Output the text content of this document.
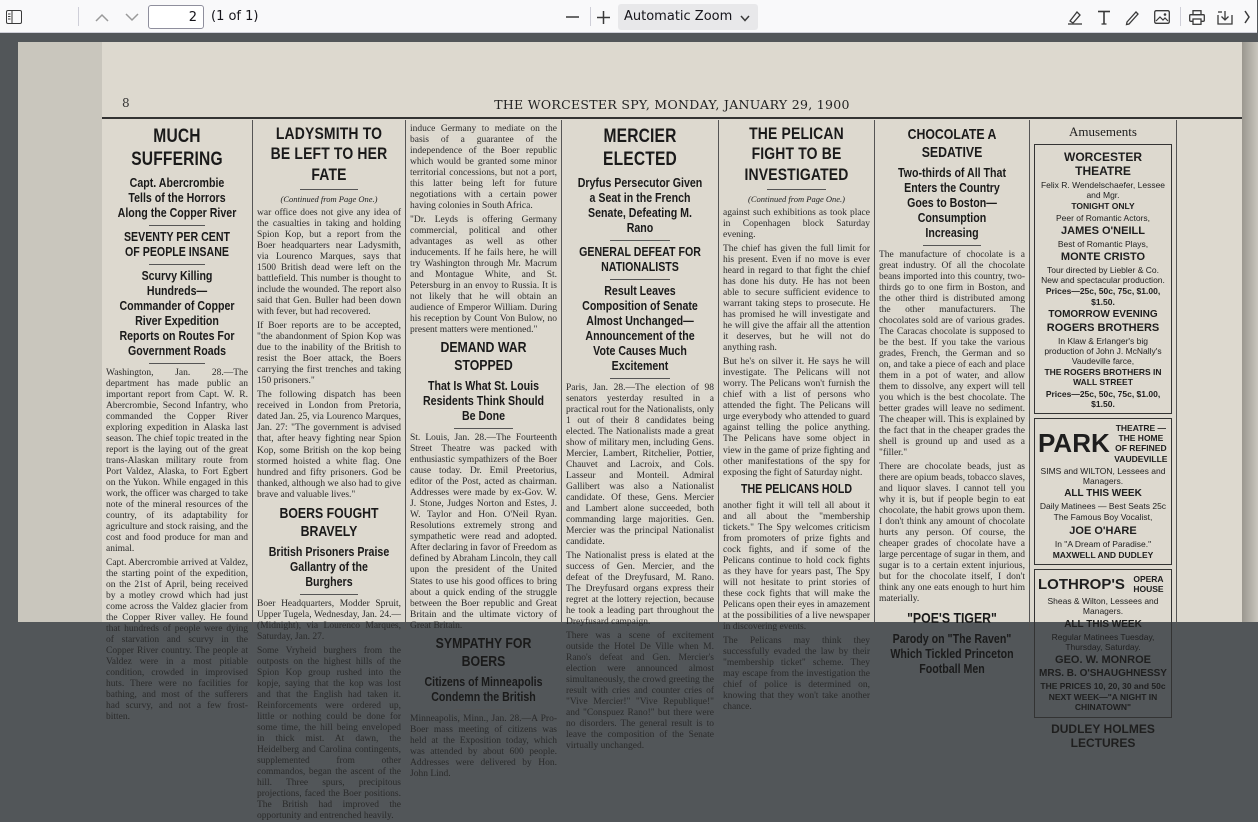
2
(1 of 1)	Automatic Zoom
8	THE WORCESTER SPY, MONDAY, JANUARY 29, 1900
MUCH SUFFERING
Capt. Abercrombie Tells of the Horrors Along the Copper River
SEVENTY PER CENT OF PEOPLE INSANE
Scurvy Killing Hundreds—Commander of Copper River Expedition Reports on Routes For Government Roads

Washington, Jan. 28.—The department has made public an important report from Capt. W. R. Abercrombie, Second Infantry, who commanded the Copper River exploring expedition in Alaska last season. The chief topic treated in the report is the laying out of the great trans-Alaskan military route from Port Valdez, Alaska, to Fort Egbert on the Yukon. While engaged in this work, the officer was charged to take note of the mineral resources of the country, of its adaptability for agriculture and stock raising, and the cost and food produce for man and animal.

Capt. Abercrombie arrived at Valdez, the starting point of the expedition, on the 21st of April, being received by a motley crowd which had just come across the Valdez glacier from the Copper River valley. He found that hundreds of people were dying of starvation and scurvy in the Copper River country. The people at Valdez were in a most pitiable condition, crowded in improvised huts. There were no facilities for bathing, and most of the sufferers had scurvy, and not a few frost-bitten.

LADYSMITH TO BE LEFT TO HER FATE
(Continued from Page One.)

war office does not give any idea of the casualties in taking and holding Spion Kop, but a report from the Boer headquarters near Ladysmith, via Lourenco Marques, says that 1500 British dead were left on the battlefield. This number is thought to include the wounded. The report also said that Gen. Buller had been down with fever, but had recovered.

If Boer reports are to be accepted, "the abandonment of Spion Kop was due to the inability of the British to resist the Boer attack, the Boers carrying the first trenches and taking 150 prisoners."

The following dispatch has been received in London from Pretoria, dated Jan. 25, via Lourenco Marques, Jan. 27: "The government is advised that, after heavy fighting near Spion Kop, some British on the kop being stormed hoisted a white flag. One hundred and fifty prisoners. God be thanked, although we also had to give brave and valuable lives."

BOERS FOUGHT BRAVELY
British Prisoners Praise Gallantry of the Burghers

Boer Headquarters, Modder Spruit, Upper Tugela, Wednesday, Jan. 24.—(Midnight), via Lourenco Marques, Saturday, Jan. 27.

Some Vryheid burghers from the outposts on the highest hills of the Spion Kop group rushed into the kopje, saying that the kop was lost and that the English had taken it. Reinforcements were ordered up, little or nothing could be done for some time, the hill being enveloped in thick mist. At dawn, the Heidelberg and Carolina contingents, supplemented from other commandos, began the ascent of the hill. Three spurs, precipitous projections, faced the Boer positions. The British had improved the opportunity and entrenched heavily.

induce Germany to mediate on the basis of a guarantee of the independence of the Boer republic which would be granted some minor territorial concessions, but not a port, this latter being left for future negotiations with a certain power having colonies in South Africa.

"Dr. Leyds is offering Germany commercial, political and other advantages as well as other inducements. If he fails here, he will try Washington through Mr. Macrum and Montague White, and St. Petersburg in an envoy to Russia. It is not likely that he will obtain an audience of Emperor William. During his reception by Count Von Bulow, no present matters were mentioned."

DEMAND WAR STOPPED
That Is What St. Louis Residents Think Should Be Done

St. Louis, Jan. 28.—The Fourteenth Street Theatre was packed with enthusiastic sympathizers of the Boer cause today. Dr. Emil Preetorius, editor of the Post, acted as chairman. Addresses were made by ex-Gov. W. J. Stone, Judges Norton and Estes, J. W. Taylor and Hon. O'Neil Ryan. Resolutions extremely strong and sympathetic were read and adopted. After declaring in favor of Freedom as defined by Abraham Lincoln, they call upon the president of the United States to use his good offices to bring about a quick ending of the struggle between the Boer republic and Great Britain and the ultimate victory of Great Britain.

SYMPATHY FOR BOERS
Citizens of Minneapolis Condemn the British

Minneapolis, Minn., Jan. 28.—A Pro-Boer mass meeting of citizens was held at the Exposition today, which was attended by about 600 people. Addresses were delivered by Hon. John Lind.

MERCIER ELECTED
Dryfus Persecutor Given a Seat in the French Senate, Defeating M. Rano
GENERAL DEFEAT FOR NATIONALISTS
Result Leaves Composition of Senate Almost Unchanged—Announcement of the Vote Causes Much Excitement

Paris, Jan. 28.—The election of 98 senators yesterday resulted in a practical rout for the Nationalists, only 1 out of their 8 candidates being elected. The Nationalists made a great show of military men, including Gens. Mercier, Lambert, Ritchelier, Pottier, Chauvet and Lacroix, and Cols. Lasseur and Monteil. Admiral Gallibert was also a Nationalist candidate. Of these, Gens. Mercier and Lambert alone succeeded, both commanding large majorities. Gen. Mercier was the principal Nationalist candidate.

The Nationalist press is elated at the success of Gen. Mercier, and the defeat of the Dreyfusard, M. Rano. The Dreyfusard organs express their regret at the lottery rejection, because he took a leading part throughout the Dreyfusard campaign.

There was a scene of excitement outside the Hotel De Ville when M. Rano's defeat and Gen. Mercier's election were announced almost simultaneously, the crowd greeting the result with cries and counter cries of "Vive Mercier!" "Vive Republique!" and "Conspuez Rano!" but there were no disorders. The general result is to leave the composition of the Senate virtually unchanged.

THE PELICAN FIGHT TO BE INVESTIGATED
(Continued from Page One.)

against such exhibitions as took place in Copenhagen block Saturday evening.

The chief has given the full limit for his present. Even if no move is ever heard in regard to that fight the chief has done his duty. He has not been able to secure sufficient evidence to warrant taking steps to prosecute. He has promised he will investigate and he will give the affair all the attention it deserves, but he will not do anything rash.

But he's on silver it. He says he will investigate. The Pelicans will not worry. The Pelicans won't furnish the chief with a list of persons who attended the fight. The Pelicans will urge everybody who attended to guard against telling the police anything. The Pelicans have some object in view in the game of prize fighting and other manifestations of the spy for exposing the fight of Saturday night.

THE PELICANS HOLD

another fight it will tell all about it and all about the "membership tickets." The Spy welcomes criticism from promoters of prize fights and cock fights, and if some of the Pelicans continue to hold cock fights as they have for years past, The Spy will not hesitate to print stories of these cock fights that will make the Pelicans open their eyes in amazement at the possibilities of a live newspaper in discovering events.

The Pelicans may think they successfully evaded the law by their "membership ticket" scheme. They may escape from the investigation the chief of police is determined on, knowing that they won't take another chance.

CHOCOLATE A SEDATIVE
Two-thirds of All That Enters the Country Goes to Boston—Consumption Increasing

The manufacture of chocolate is a great industry. Of all the chocolate beans imported into this country, two-thirds go to one firm in Boston, and the other third is distributed among the other manufacturers. The chocolates sold are of various grades. The Caracas chocolate is supposed to be the best. If you take the various grades, French, the German and so on, and take a piece of each and place them in a pot of water, and allow them to dissolve, any expert will tell you which is the best chocolate. The better grades will leave no sediment. The cheaper will. This is explained by the fact that in the cheaper grades the shell is ground up and used as a "filler."

There are chocolate beads, just as there are opium beads, tobacco slaves, and liquor slaves. I cannot tell you why it is, but if people begin to eat chocolate, the habit grows upon them. I don't think any amount of chocolate hurts any person. Of course, the cheaper grades of chocolate have a large percentage of sugar in them, and sugar is to a certain extent injurious, but for the chocolate itself, I don't think any one eats enough to hurt him materially.

"POE'S TIGER"
Parody on "The Raven" Which Tickled Princeton Football Men
Amusements
WORCESTER THEATRE
Felix R. Wendelschaefer, Lessee and Mgr.
TONIGHT ONLY
Peer of Romantic Actors,
JAMES O'NEILL
Best of Romantic Plays,
MONTE CRISTO
Tour directed by Liebler & Co. New and spectacular production.
Prices—25c, 50c, 75c, $1.00, $1.50.
TOMORROW EVENING
ROGERS BROTHERS
In Klaw & Erlanger's big production of John J. McNally's Vaudeville farce,
THE ROGERS BROTHERS IN WALL STREET
Prices—25c, 50c, 75c, $1.00, $1.50.
PARK
THEATRE — THE HOME OF REFINED VAUDEVILLE
SIMS and WILTON, Lessees and Managers.
ALL THIS WEEK
Daily Matinees — Best Seats 25c
The Famous Boy Vocalist,
JOE O'HARE
In "A Dream of Paradise."
MAXWELL AND DUDLEY
LOTHROP'S OPERA HOUSE
Sheas & Wilton, Lessees and Managers.
ALL THIS WEEK
Regular Matinees Tuesday, Thursday, Saturday.
GEO. W. MONROE
MRS. B. O'SHAUGHNESSY
THE PRICES 10, 20, 30 and 50c
NEXT WEEK—"A NIGHT IN CHINATOWN"
DUDLEY HOLMES LECTURES
